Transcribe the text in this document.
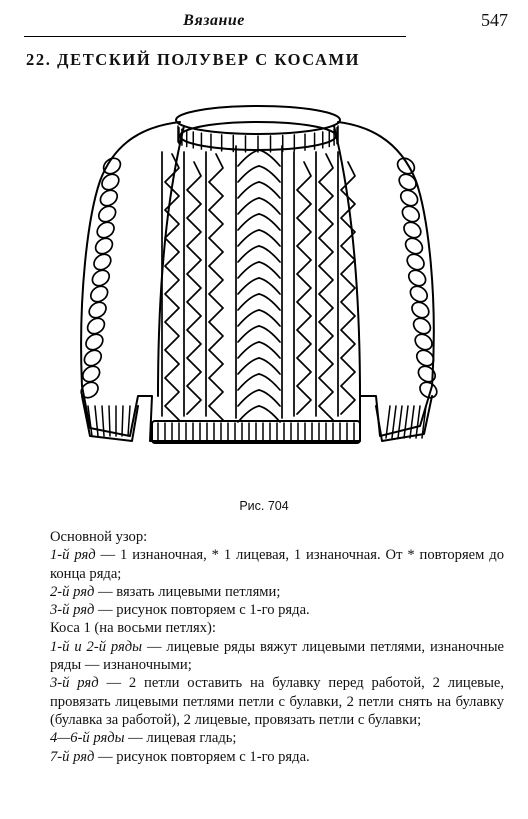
Вязание	547
22. ДЕТСКИЙ ПОЛУВЕР С КОСАМИ
Рис. 704

Основной узор:

1-й ряд — 1 изнаночная, * 1 лицевая, 1 изнаночная. От * повторяем до конца ряда;

2-й ряд — вязать лицевыми петлями;

3-й ряд — рисунок повторяем с 1-го ряда.

Коса 1 (на восьми петлях):

1-й и 2-й ряды — лицевые ряды вяжут лицевыми петлями, изнаночные ряды — изнаночными;

3-й ряд — 2 петли оставить на булавку перед работой, 2 лицевые, провязать лицевыми петлями петли с булавки, 2 петли снять на булавку (булавка за работой), 2 лицевые, провязать петли с булавки;

4—6-й ряды — лицевая гладь;

7-й ряд — рисунок повторяем с 1-го ряда.
